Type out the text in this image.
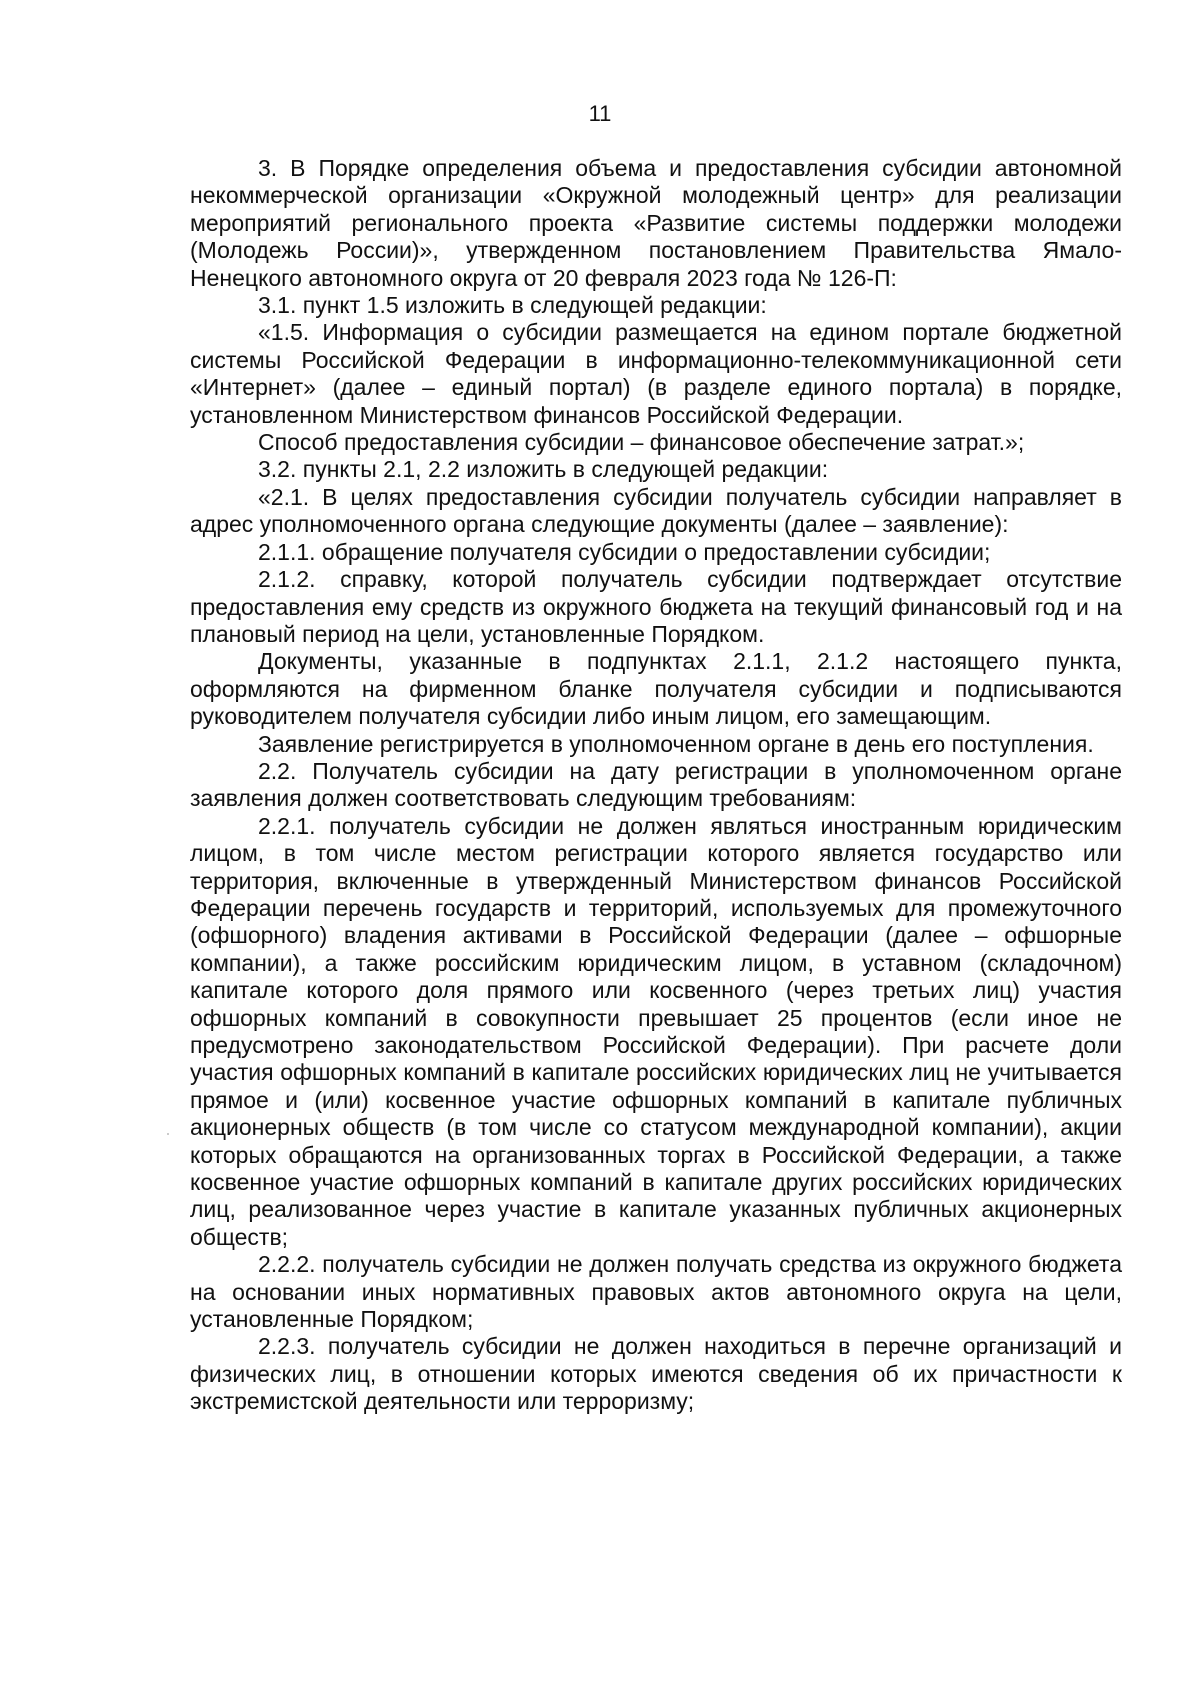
11

3. В Порядке определения объема и предоставления субсидии автономной некоммерческой организации «Окружной молодежный центр» для реализации мероприятий регионального проекта «Развитие системы поддержки молодежи (Молодежь России)», утвержденном постановлением Правительства Ямало-Ненецкого автономного округа от 20 февраля 2023 года № 126-П:

3.1. пункт 1.5 изложить в следующей редакции:

«1.5. Информация о субсидии размещается на едином портале бюджетной системы Российской Федерации в информационно-телекоммуникационной сети «Интернет» (далее – единый портал) (в разделе единого портала) в порядке, установленном Министерством финансов Российской Федерации.

Способ предоставления субсидии – финансовое обеспечение затрат.»;

3.2. пункты 2.1, 2.2 изложить в следующей редакции:

«2.1. В целях предоставления субсидии получатель субсидии направляет в адрес уполномоченного органа следующие документы (далее – заявление):

2.1.1. обращение получателя субсидии о предоставлении субсидии;

2.1.2. справку, которой получатель субсидии подтверждает отсутствие предоставления ему средств из окружного бюджета на текущий финансовый год и на плановый период на цели, установленные Порядком.

Документы, указанные в подпунктах 2.1.1, 2.1.2 настоящего пункта, оформляются на фирменном бланке получателя субсидии и подписываются руководителем получателя субсидии либо иным лицом, его замещающим.

Заявление регистрируется в уполномоченном органе в день его поступления.

2.2. Получатель субсидии на дату регистрации в уполномоченном органе заявления должен соответствовать следующим требованиям:

2.2.1. получатель субсидии не должен являться иностранным юридическим лицом, в том числе местом регистрации которого является государство или территория, включенные в утвержденный Министерством финансов Российской Федерации перечень государств и территорий, используемых для промежуточного (офшорного) владения активами в Российской Федерации (далее – офшорные компании), а также российским юридическим лицом, в уставном (складочном) капитале которого доля прямого или косвенного (через третьих лиц) участия офшорных компаний в совокупности превышает 25 процентов (если иное не предусмотрено законодательством Российской Федерации). При расчете доли участия офшорных компаний в капитале российских юридических лиц не учитывается прямое и (или) косвенное участие офшорных компаний в капитале публичных акционерных обществ (в том числе со статусом международной компании), акции которых обращаются на организованных торгах в Российской Федерации, а также косвенное участие офшорных компаний в капитале других российских юридических лиц, реализованное через участие в капитале указанных публичных акционерных обществ;

2.2.2. получатель субсидии не должен получать средства из окружного бюджета на основании иных нормативных правовых актов автономного округа на цели, установленные Порядком;

2.2.3. получатель субсидии не должен находиться в перечне организаций и физических лиц, в отношении которых имеются сведения об их причастности к экстремистской деятельности или терроризму;
